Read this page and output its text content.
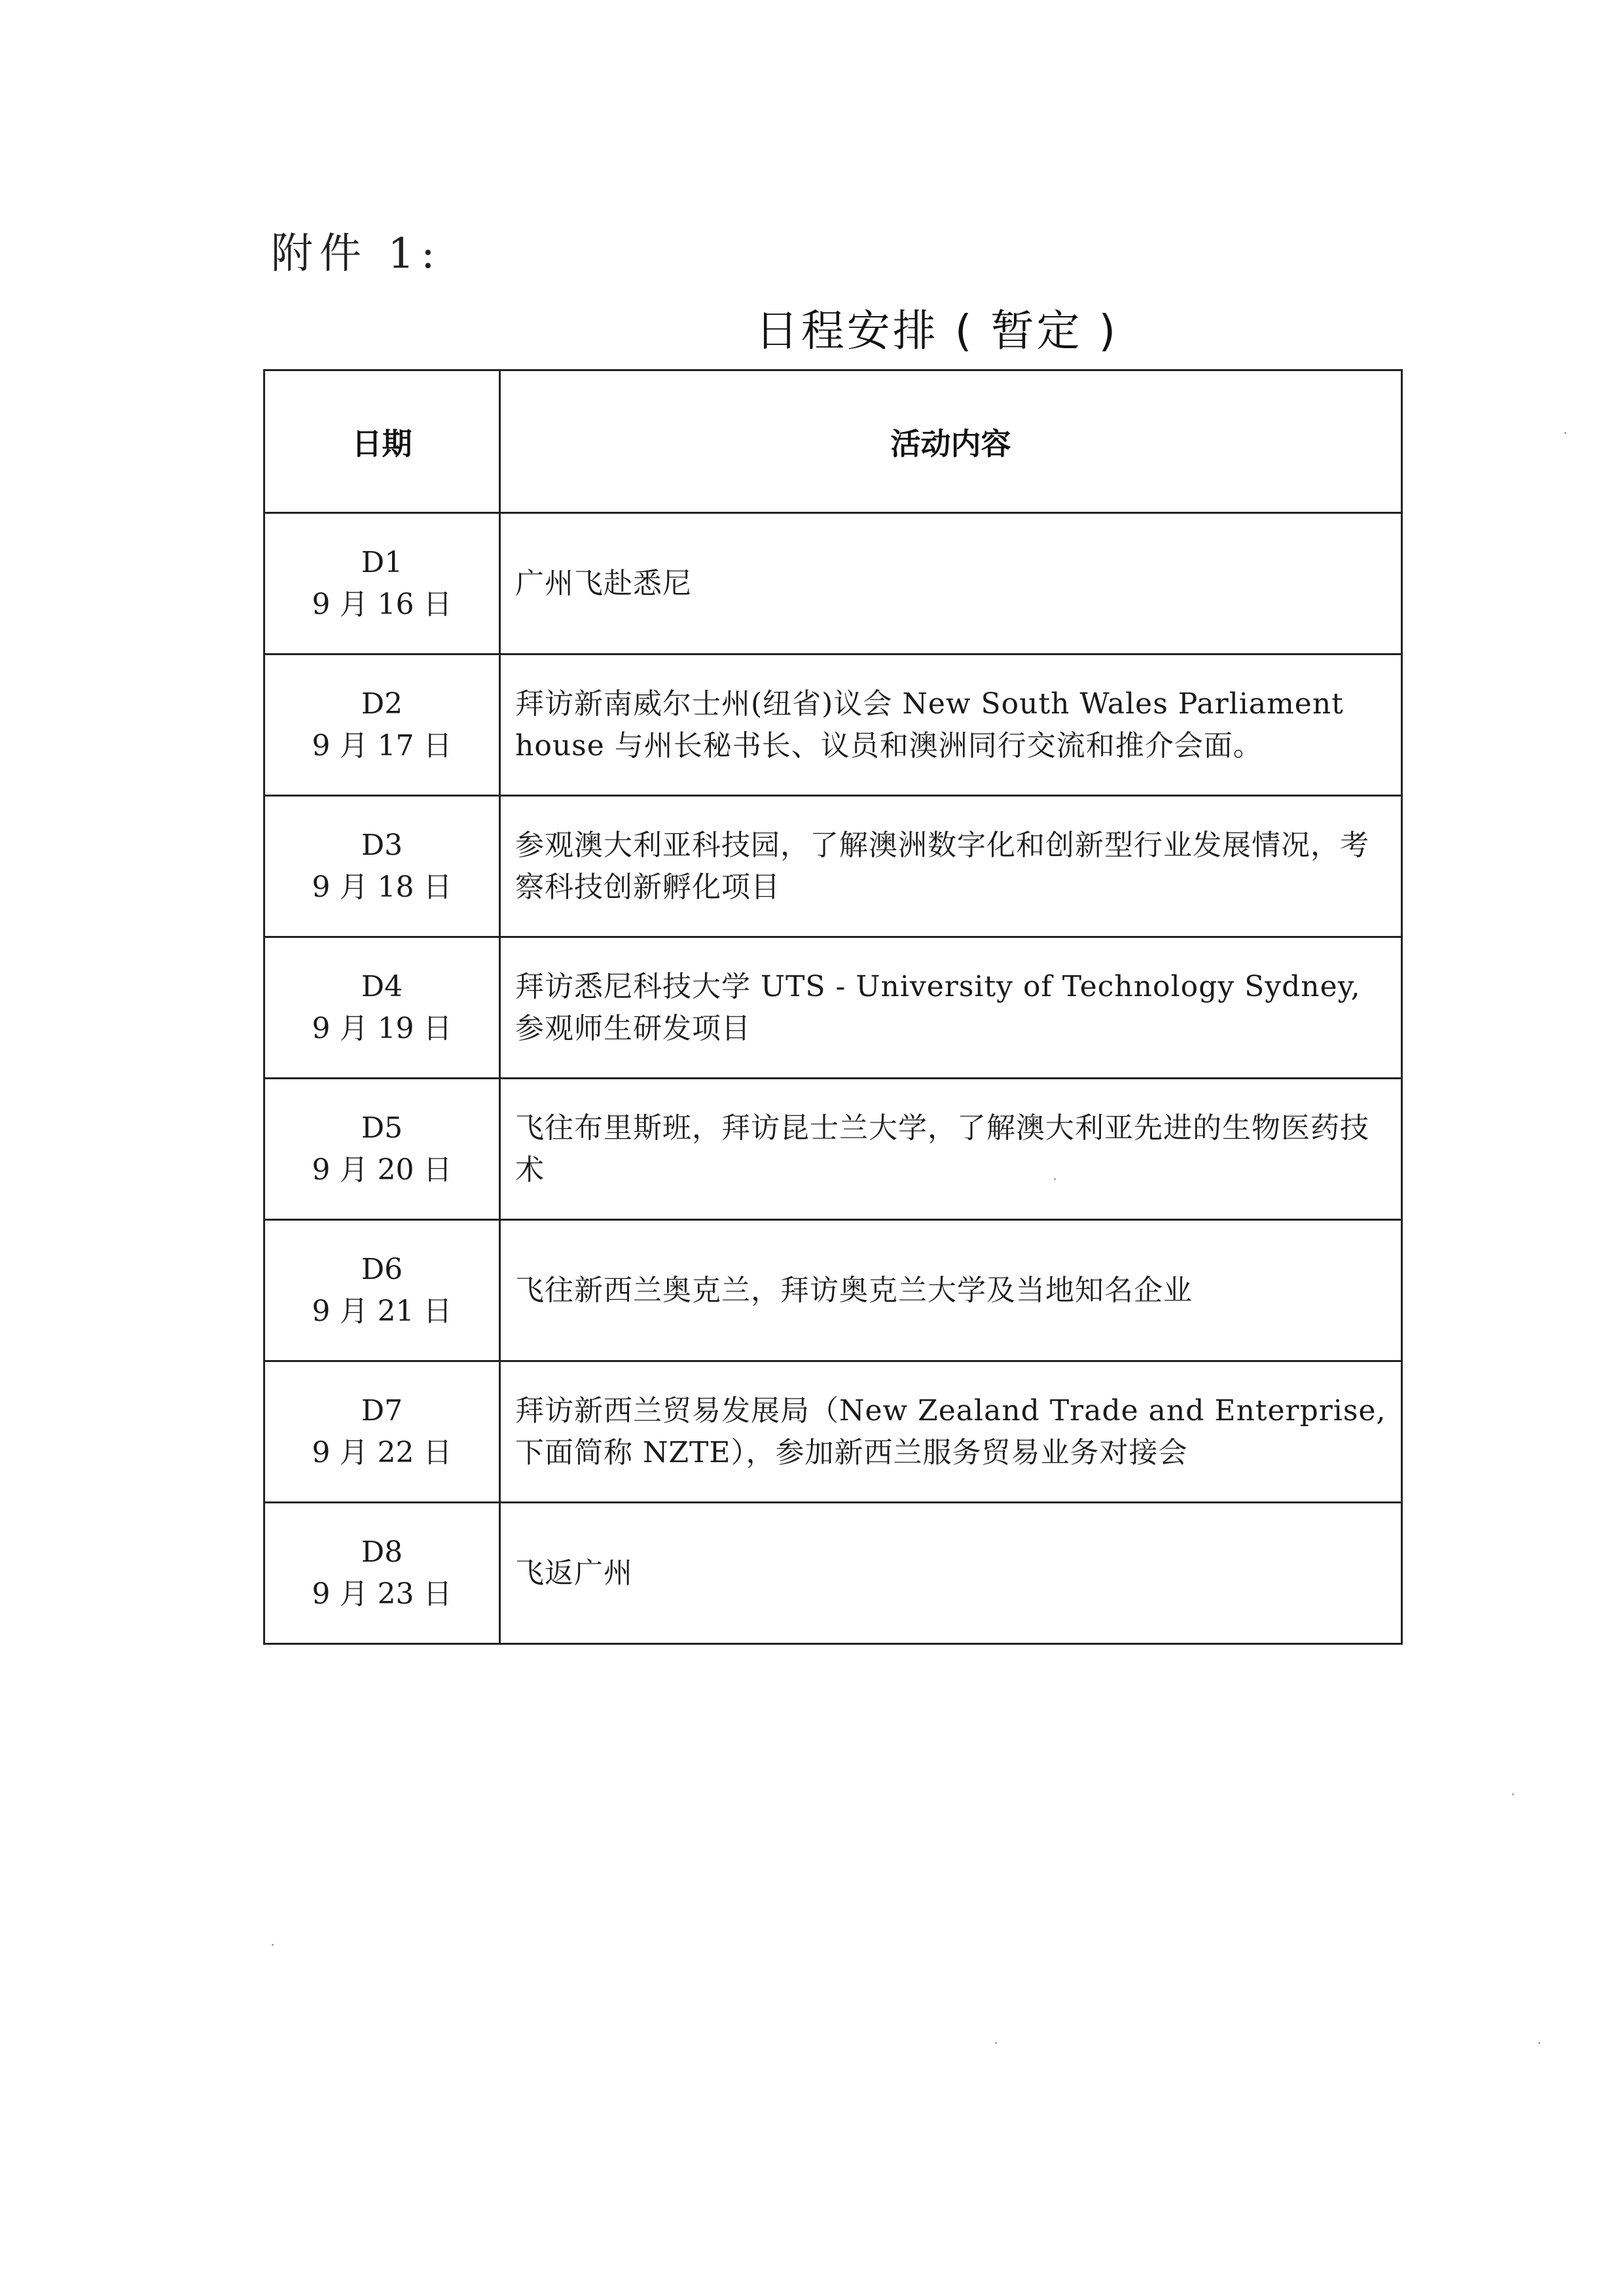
附件 1:
日程安排 ( 暂定 )
日期	活动内容

D1
9 月 16 日	广州飞赴悉尼

D2
9 月 17 日	拜访新南威尔士州(纽省)议会 New South Wales Parliament house 与州长秘书长、议员和澳洲同行交流和推介会面。

D3
9 月 18 日	参观澳大利亚科技园，了解澳洲数字化和创新型行业发展情况，考察科技创新孵化项目

D4
9 月 19 日	拜访悉尼科技大学 UTS - University of Technology Sydney, 参观师生研发项目

D5
9 月 20 日	飞往布里斯班，拜访昆士兰大学，了解澳大利亚先进的生物医药技术

D6
9 月 21 日	飞往新西兰奥克兰，拜访奥克兰大学及当地知名企业

D7
9 月 22 日	拜访新西兰贸易发展局（New Zealand Trade and Enterprise, 下面简称 NZTE），参加新西兰服务贸易业务对接会

D8
9 月 23 日	飞返广州
